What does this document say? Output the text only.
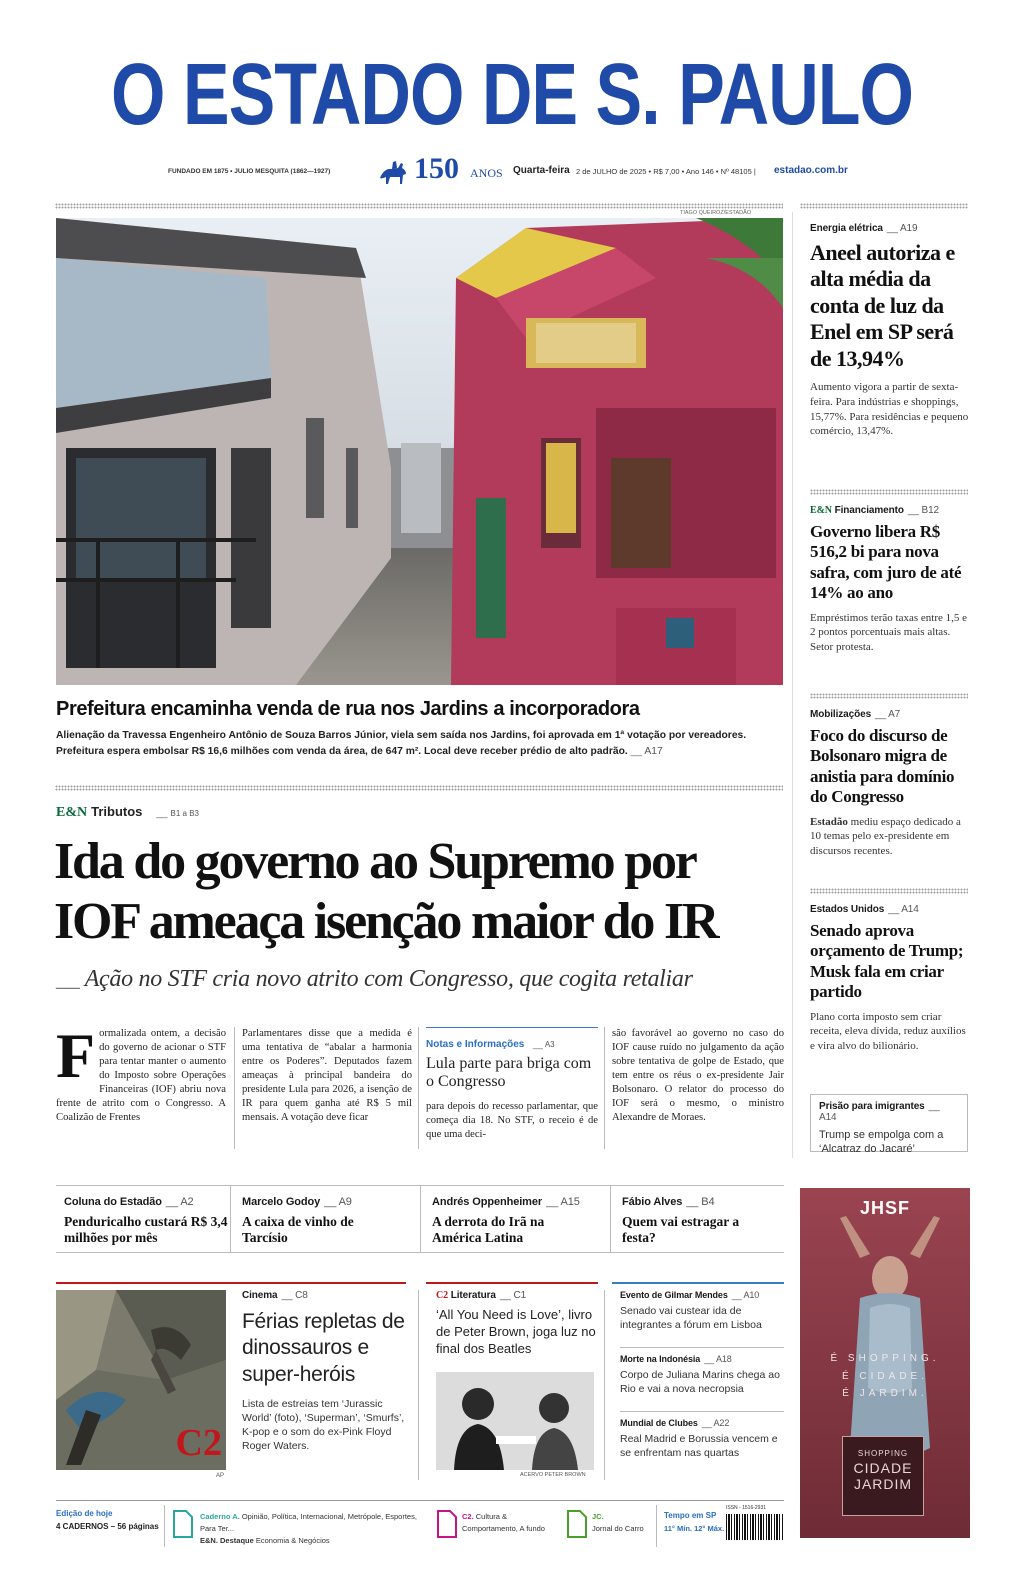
O ESTADO DE S. PAULO
FUNDADO EM 1875 • JULIO MESQUITA (1862—1927)	150 ANOS Quarta-feira 2 de JULHO de 2025 • R$ 7,00 • Ano 146 • Nº 48105 | estadao.com.br
TIAGO QUEIROZ/ESTADÃO
Prefeitura encaminha venda de rua nos Jardins a incorporadora
Alienação da Travessa Engenheiro Antônio de Souza Barros Júnior, viela sem saída nos Jardins, foi aprovada em 1ª votação por vereadores. Prefeitura espera embolsar R$ 16,6 milhões com venda da área, de 647 m². Local deve receber prédio de alto padrão. __ A17
E&N Tributos __ B1 a B3
Ida do governo ao Supremo por
IOF ameaça isenção maior do IR
__ Ação no STF cria novo atrito com Congresso, que cogita retaliar
F ormalizada ontem, a decisão do governo de acionar o STF para tentar manter o aumento do Imposto sobre Operações Financeiras (IOF) abriu nova frente de atrito com o Congresso. A Coalizão de Frentes
Parlamentares disse que a medida é uma tentativa de “abalar a harmonia entre os Poderes”. Deputados fazem ameaças à principal bandeira do presidente Lula para 2026, a isenção de IR para quem ganha até R$ 5 mil mensais. A votação deve ficar
Notas e Informações __ A3
Lula parte para briga com o Congresso
para depois do recesso parlamentar, que começa dia 18. No STF, o receio é de que uma deci-
são favorável ao governo no caso do IOF cause ruído no julgamento da ação sobre tentativa de golpe de Estado, que tem entre os réus o ex-presidente Jair Bolsonaro. O relator do processo do IOF será o mesmo, o ministro Alexandre de Moraes.
Energia elétrica __ A19
Aneel autoriza e alta média da conta de luz da Enel em SP será de 13,94%
Aumento vigora a partir de sexta-feira. Para indústrias e shoppings, 15,77%. Para residências e pequeno comércio, 13,47%.
E&N Financiamento __ B12
Governo libera R$ 516,2 bi para nova safra, com juro de até 14% ao ano
Empréstimos terão taxas entre 1,5 e 2 pontos porcentuais mais altas. Setor protesta.
Mobilizações __ A7
Foco do discurso de Bolsonaro migra de anistia para domínio do Congresso
Estadão mediu espaço dedicado a 10 temas pelo ex-presidente em discursos recentes.
Estados Unidos __ A14
Senado aprova orçamento de Trump; Musk fala em criar partido
Plano corta imposto sem criar receita, eleva dívida, reduz auxílios e vira alvo do bilionário.
Prisão para imigrantes __ A14
Trump se empolga com a ‘Alcatraz do Jacaré’
Coluna do Estadão __ A2
Penduricalho custará R$ 3,4 milhões por mês
Marcelo Godoy __ A9
A caixa de vinho de Tarcísio
Andrés Oppenheimer __ A15
A derrota do Irã na América Latina
Fábio Alves __ B4
Quem vai estragar a festa?
C2
AP
Cinema __ C8
Férias repletas de dinossauros e super-heróis
Lista de estreias tem ‘Jurassic World’ (foto), ‘Superman’, ‘Smurfs’, K-pop e o som do ex-Pink Floyd Roger Waters.
C2 Literatura __ C1
‘All You Need is Love’, livro de Peter Brown, joga luz no final dos Beatles
ACERVO PETER BROWN
Evento de Gilmar Mendes __ A10
Senado vai custear ida de integrantes a fórum em Lisboa
Morte na Indonésia __ A18
Corpo de Juliana Marins chega ao Rio e vai a nova necropsia
Mundial de Clubes __ A22
Real Madrid e Borussia vencem e se enfrentam nas quartas
JHSF
É SHOPPING.
É CIDADE.
É JARDIM.
SHOPPING
CIDADE
JARDIM
Edição de hoje
4 CADERNOS – 56 páginas
Caderno A. Opinião, Política, Internacional, Metrópole, Esportes, Para Ter...
E&N. Destaque Economia & Negócios
C2. Cultura & Comportamento, A fundo
JC.
Jornal do Carro
Tempo em SP
11° Mín. 12° Máx.
ISSN - 1516-2931
